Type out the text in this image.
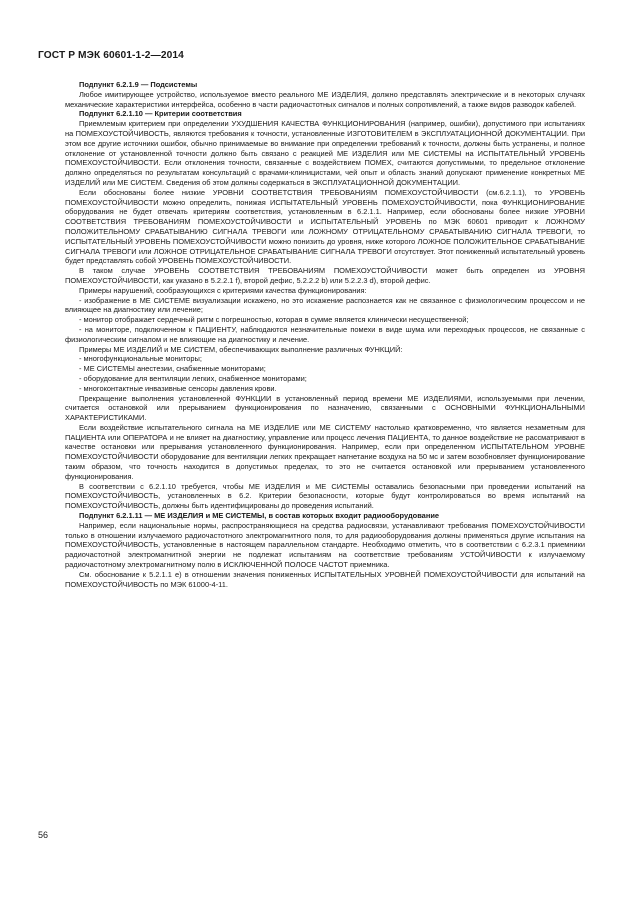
ГОСТ Р МЭК 60601-1-2—2014

Подпункт 6.2.1.9 — Подсистемы

Любое имитирующее устройство, используемое вместо реального МЕ ИЗДЕЛИЯ, должно представлять электрические и в некоторых случаях механические характеристики интерфейса, особенно в части радиочастотных сигналов и полных сопротивлений, а также видов разводок кабелей.

Подпункт 6.2.1.10 — Критерии соответствия

Приемлемым критерием при определении УХУДШЕНИЯ КАЧЕСТВА ФУНКЦИОНИРОВАНИЯ (например, ошибки), допустимого при испытаниях на ПОМЕХОУСТОЙЧИВОСТЬ, являются требования к точности, установленные ИЗГОТОВИТЕЛЕМ в ЭКСПЛУАТАЦИОННОЙ ДОКУМЕНТАЦИИ. При этом все другие источники ошибок, обычно принимаемые во внимание при определении требований к точности, должны быть устранены, и полное отклонение от установленной точности должно быть связано с реакцией МЕ ИЗДЕЛИЯ или МЕ СИСТЕМЫ на ИСПЫТАТЕЛЬНЫЙ УРОВЕНЬ ПОМЕХОУСТОЙЧИВОСТИ. Если отклонения точности, связанные с воздействием ПОМЕХ, считаются допустимыми, то предельное отклонение должно определяться по результатам консультаций с врачами-клиницистами, чей опыт и область знаний допускают применение конкретных МЕ ИЗДЕЛИЙ или МЕ СИСТЕМ. Сведения об этом должны содержаться в ЭКСПЛУАТАЦИОННОЙ ДОКУМЕНТАЦИИ.

Если обоснованы более низкие УРОВНИ СООТВЕТСТВИЯ ТРЕБОВАНИЯМ ПОМЕХОУСТОЙЧИВОСТИ (см.6.2.1.1), то УРОВЕНЬ ПОМЕХОУСТОЙЧИВОСТИ можно определить, понижая ИСПЫТАТЕЛЬНЫЙ УРОВЕНЬ ПОМЕХОУСТОЙЧИВОСТИ, пока ФУНКЦИОНИРОВАНИЕ оборудования не будет отвечать критериям соответствия, установленным в 6.2.1.1. Например, если обоснованы более низкие УРОВНИ СООТВЕТСТВИЯ ТРЕБОВАНИЯМ ПОМЕХОУСТОЙЧИВОСТИ и ИСПЫТАТЕЛЬНЫЙ УРОВЕНЬ по МЭК 60601 приводит к ЛОЖНОМУ ПОЛОЖИТЕЛЬНОМУ СРАБАТЫВАНИЮ СИГНАЛА ТРЕВОГИ или ЛОЖНОМУ ОТРИЦАТЕЛЬНОМУ СРАБАТЫВАНИЮ СИГНАЛА ТРЕВОГИ, то ИСПЫТАТЕЛЬНЫЙ УРОВЕНЬ ПОМЕХОУСТОЙЧИВОСТИ можно понизить до уровня, ниже которого ЛОЖНОЕ ПОЛОЖИТЕЛЬНОЕ СРАБАТЫВАНИЕ СИГНАЛА ТРЕВОГИ или ЛОЖНОЕ ОТРИЦАТЕЛЬНОЕ СРАБАТЫВАНИЕ СИГНАЛА ТРЕВОГИ отсутствует. Этот пониженный испытательный уровень будет представлять собой УРОВЕНЬ ПОМЕХОУСТОЙЧИВОСТИ.

В таком случае УРОВЕНЬ СООТВЕТСТВИЯ ТРЕБОВАНИЯМ ПОМЕХОУСТОЙЧИВОСТИ может быть определен из УРОВНЯ ПОМЕХОУСТОЙЧИВОСТИ, как указано в 5.2.2.1 f), второй дефис, 5.2.2.2 b) или 5.2.2.3 d), второй дефис.

Примеры нарушений, сообразующихся с критериями качества функционирования:

- изображение в МЕ СИСТЕМЕ визуализации искажено, но это искажение распознается как не связанное с физиологическим процессом и не влияющее на диагностику или лечение;

- монитор отображает сердечный ритм с погрешностью, которая в сумме является клинически несущественной;

- на мониторе, подключенном к ПАЦИЕНТУ, наблюдаются незначительные помехи в виде шума или переходных процессов, не связанные с физиологическим сигналом и не влияющие на диагностику и лечение.

Примеры МЕ ИЗДЕЛИЙ и МЕ СИСТЕМ, обеспечивающих выполнение различных ФУНКЦИЙ:

- многофункциональные мониторы;

- МЕ СИСТЕМЫ анестезии, снабженные мониторами;

- оборудование для вентиляции легких, снабженное мониторами;

- многоконтактные инвазивные сенсоры давления крови.

Прекращение выполнения установленной ФУНКЦИИ в установленный период времени МЕ ИЗДЕЛИЯМИ, используемыми при лечении, считается остановкой или прерыванием функционирования по назначению, связанными с ОСНОВНЫМИ ФУНКЦИОНАЛЬНЫМИ ХАРАКТЕРИСТИКАМИ.

Если воздействие испытательного сигнала на МЕ ИЗДЕЛИЕ или МЕ СИСТЕМУ настолько кратковременно, что является незаметным для ПАЦИЕНТА или ОПЕРАТОРА и не влияет на диагностику, управление или процесс лечения ПАЦИЕНТА, то данное воздействие не рассматривают в качестве остановки или прерывания установленного функционирования. Например, если при определенном ИСПЫТАТЕЛЬНОМ УРОВНЕ ПОМЕХОУСТОЙЧИВОСТИ оборудование для вентиляции легких прекращает нагнетание воздуха на 50 мс и затем возобновляет функционирование таким образом, что точность находится в допустимых пределах, то это не считается остановкой или прерыванием установленного функционирования.

В соответствии с 6.2.1.10 требуется, чтобы МЕ ИЗДЕЛИЯ и МЕ СИСТЕМЫ оставались безопасными при проведении испытаний на ПОМЕХОУСТОЙЧИВОСТЬ, установленных в 6.2. Критерии безопасности, которые будут контролироваться во время испытаний на ПОМЕХОУСТОЙЧИВОСТЬ, должны быть идентифицированы до проведения испытаний.

Подпункт 6.2.1.11 — МЕ ИЗДЕЛИЯ и МЕ СИСТЕМЫ, в состав которых входит радиооборудование

Например, если национальные нормы, распространяющиеся на средства радиосвязи, устанавливают требования ПОМЕХОУСТОЙЧИВОСТИ только в отношении излучаемого радиочастотного электромагнитного поля, то для радиооборудования должны применяться другие испытания на ПОМЕХОУСТОЙЧИВОСТЬ, установленные в настоящем параллельном стандарте. Необходимо отметить, что в соответствии с 6.2.3.1 приемники радиочастотной электромагнитной энергии не подлежат испытаниям на соответствие требованиям УСТОЙЧИВОСТИ к излучаемому радиочастотному электромагнитному полю в ИСКЛЮЧЕННОЙ ПОЛОСЕ ЧАСТОТ приемника.

См. обоснование к 5.2.1.1 е) в отношении значения пониженных ИСПЫТАТЕЛЬНЫХ УРОВНЕЙ ПОМЕХОУСТОЙЧИВОСТИ для испытаний на ПОМЕХОУСТОЙЧИВОСТЬ по МЭК 61000-4-11.

56
